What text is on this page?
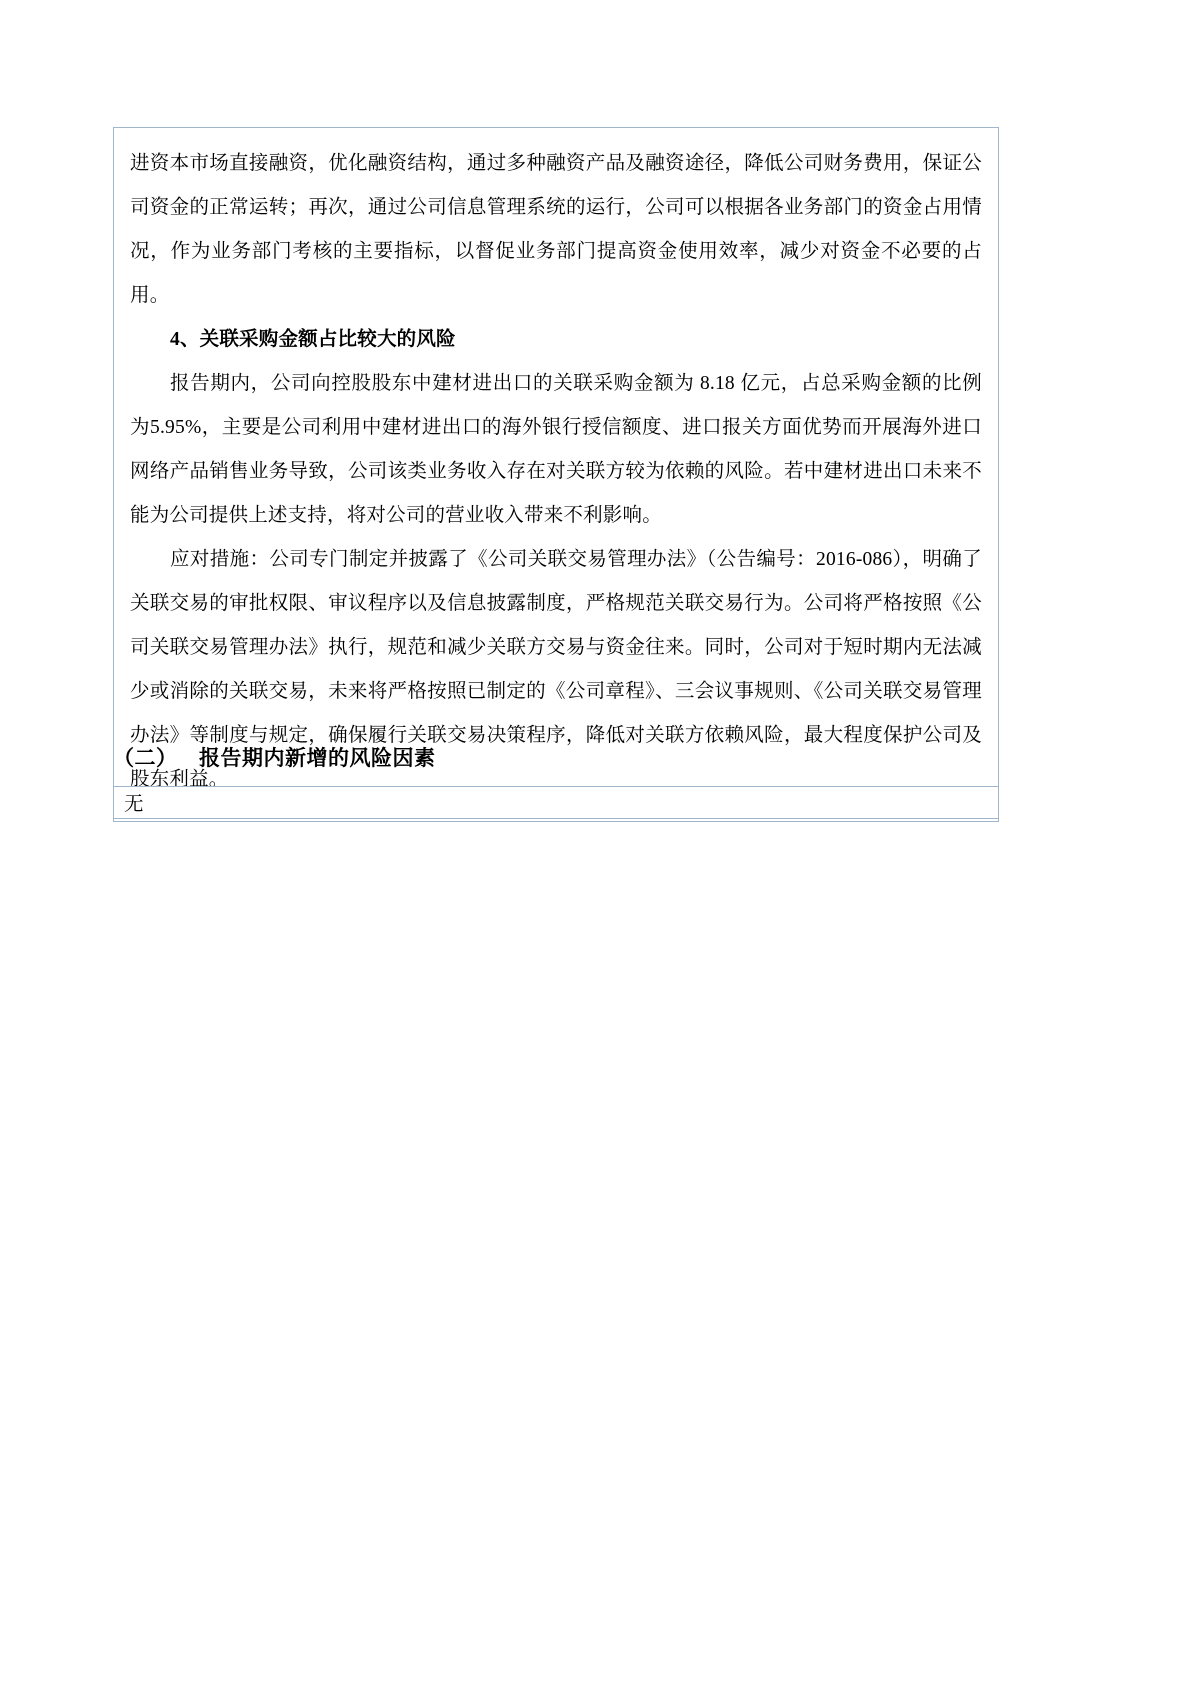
进资本市场直接融资，优化融资结构，通过多种融资产品及融资途径，降低公司财务费用，保证公司资金的正常运转；再次，通过公司信息管理系统的运行，公司可以根据各业务部门的资金占用情况，作为业务部门考核的主要指标，以督促业务部门提高资金使用效率，减少对资金不必要的占用。

4、关联采购金额占比较大的风险

报告期内，公司向控股股东中建材进出口的关联采购金额为 8.18 亿元，占总采购金额的比例为5.95%，主要是公司利用中建材进出口的海外银行授信额度、进口报关方面优势而开展海外进口网络产品销售业务导致，公司该类业务收入存在对关联方较为依赖的风险。若中建材进出口未来不能为公司提供上述支持，将对公司的营业收入带来不利影响。

应对措施：公司专门制定并披露了《公司关联交易管理办法》（公告编号：2016-086），明确了关联交易的审批权限、审议程序以及信息披露制度，严格规范关联交易行为。公司将严格按照《公司关联交易管理办法》执行，规范和减少关联方交易与资金往来。同时，公司对于短时期内无法减少或消除的关联交易，未来将严格按照已制定的《公司章程》、三会议事规则、《公司关联交易管理办法》等制度与规定，确保履行关联交易决策程序，降低对关联方依赖风险，最大程度保护公司及股东利益。

（二） 报告期内新增的风险因素
无
